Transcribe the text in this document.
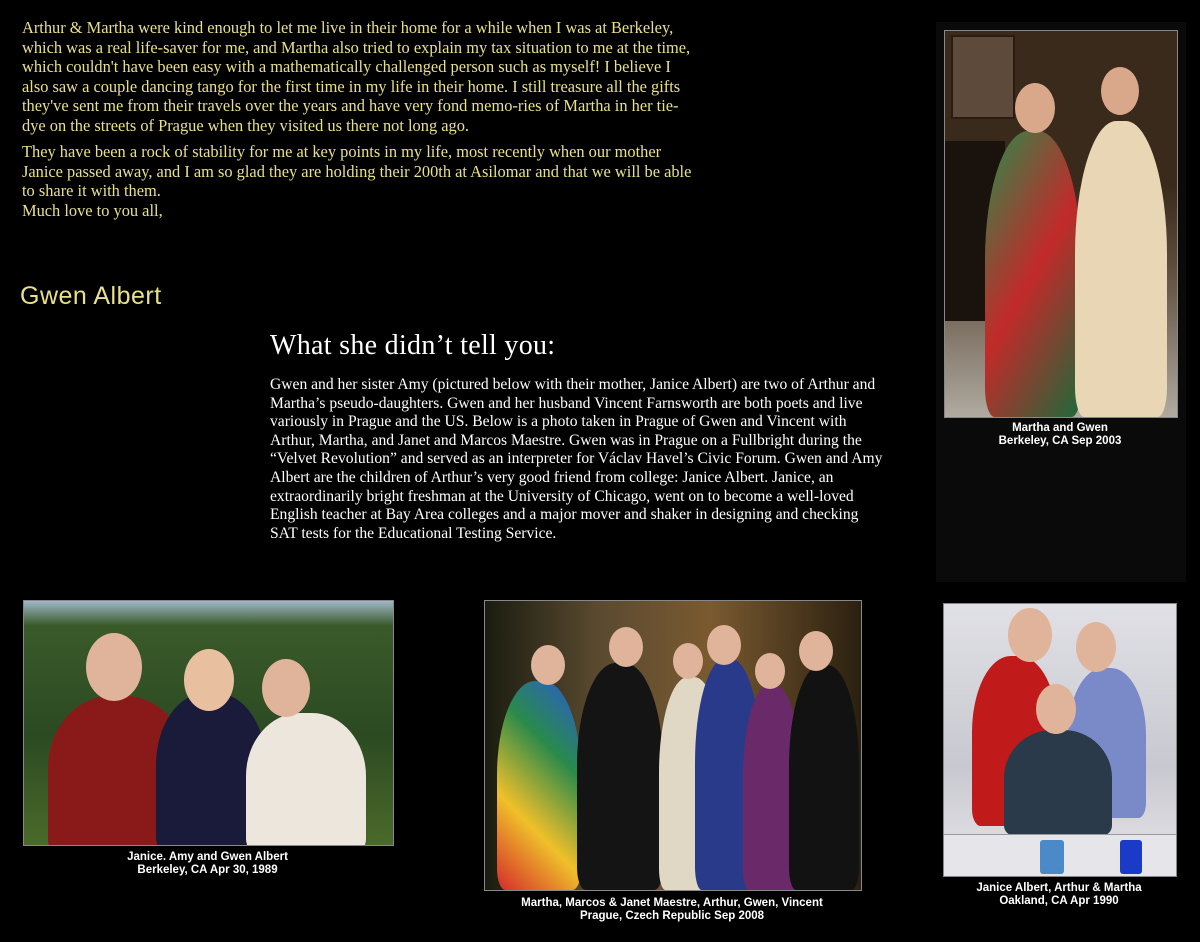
Arthur & Martha were kind enough to let me live in their home for a while when I was at Berkeley, which was a real life-saver for me, and Martha also tried to explain my tax situation to me at the time, which couldn't have been easy with a mathematically challenged person such as myself! I believe I also saw a couple dancing tango for the first time in my life in their home. I still treasure all the gifts they've sent me from their travels over the years and have very fond memo-ries of Martha in her tie-dye on the streets of Prague when they visited us there not long ago.

They have been a rock of stability for me at key points in my life, most recently when our mother Janice passed away, and I am so glad they are holding their 200th at Asilomar and that we will be able to share it with them.

Much love to you all,

Gwen Albert
What she didn’t tell you:
Gwen and her sister Amy (pictured below with their mother, Janice Albert) are two of Arthur and Martha’s pseudo-daughters. Gwen and her husband Vincent Farnsworth are both poets and live variously in Prague and the US. Below is a photo taken in Prague of Gwen and Vincent with Arthur, Martha, and Janet and Marcos Maestre. Gwen was in Prague on a Fullbright during the “Velvet Revolution” and served as an interpreter for Václav Havel’s Civic Forum. Gwen and Amy Albert are the children of Arthur’s very good friend from college: Janice Albert. Janice, an extraordinarily bright freshman at the University of Chicago, went on to become a well-loved English teacher at Bay Area colleges and a major mover and shaker in designing and checking SAT tests for the Educational Testing Service.
Martha and Gwen
Berkeley, CA Sep 2003
Janice. Amy and Gwen Albert
Berkeley, CA Apr 30, 1989
Martha, Marcos & Janet Maestre, Arthur, Gwen, Vincent
Prague, Czech Republic Sep 2008
Janice Albert, Arthur & Martha
Oakland, CA Apr 1990
